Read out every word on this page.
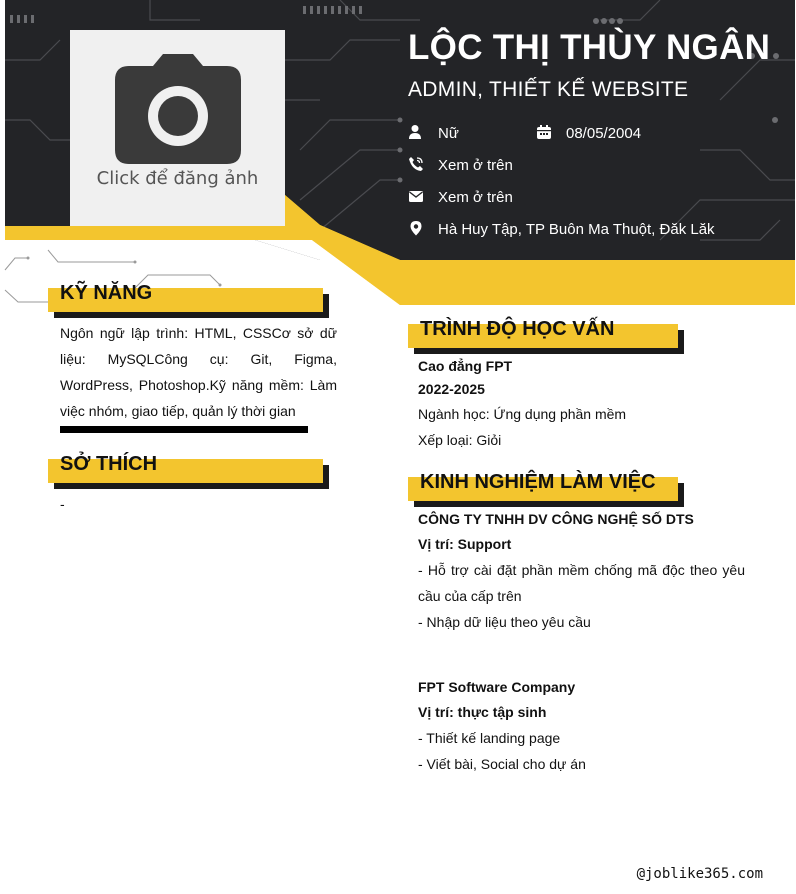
Click để đăng ảnh
LỘC THỊ THÙY NGÂN
ADMIN, THIẾT KẾ WEBSITE
Nữ	08/05/2004
Xem ở trên
Xem ở trên
Hà Huy Tập, TP Buôn Ma Thuột, Đăk Lăk
KỸ NĂNG
Ngôn ngữ lập trình: HTML, CSSCơ sở dữ liệu: MySQLCông cụ: Git, Figma, WordPress, Photoshop.Kỹ năng mềm: Làm việc nhóm, giao tiếp, quản lý thời gian
SỞ THÍCH
-
TRÌNH ĐỘ HỌC VẤN
Cao đẳng FPT
2022-2025
Ngành học: Ứng dụng phần mềm
Xếp loại: Giỏi
KINH NGHIỆM LÀM VIỆC
CÔNG TY TNHH DV CÔNG NGHỆ SỐ DTS
Vị trí: Support
- Hỗ trợ cài đặt phần mềm chống mã độc theo yêu cầu của cấp trên
- Nhập dữ liệu theo yêu cầu
FPT Software Company
Vị trí: thực tập sinh
- Thiết kế landing page
- Viết bài, Social cho dự án
@joblike365.com
